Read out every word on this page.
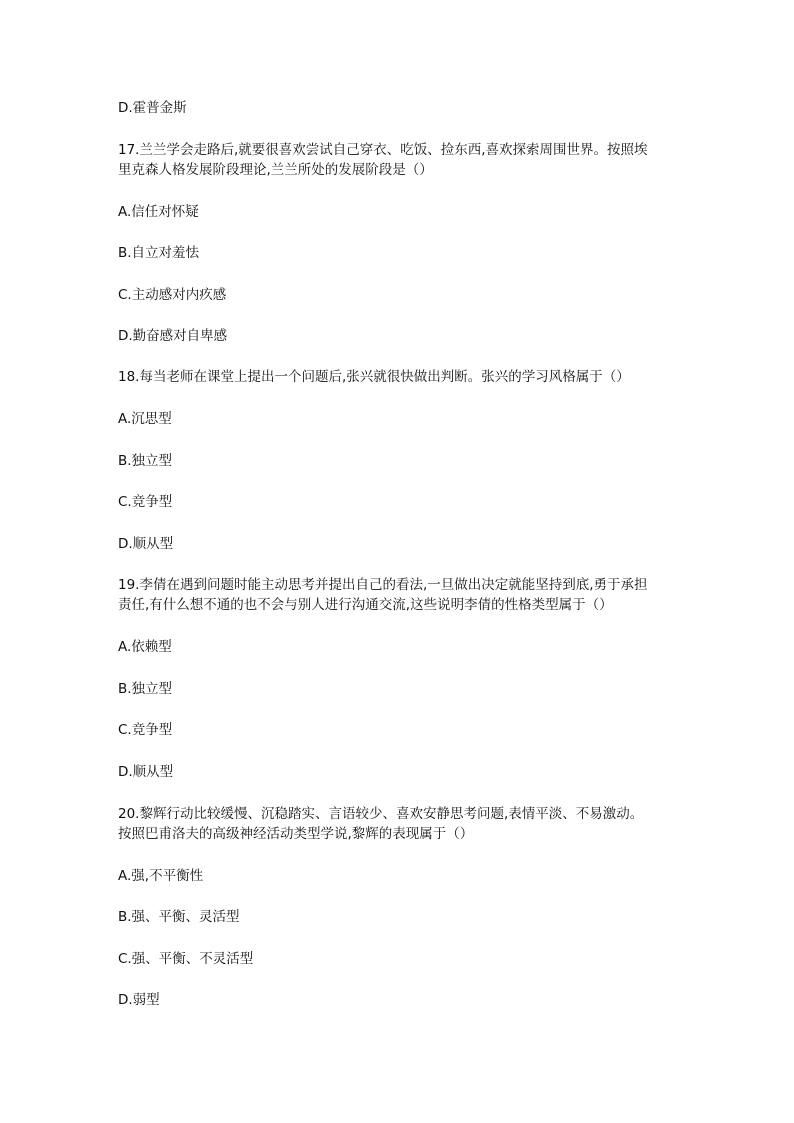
D.霍普金斯

17.兰兰学会走路后,就要很喜欢尝试自己穿衣、吃饭、捡东西,喜欢探索周围世界。按照埃

里克森人格发展阶段理论,兰兰所处的发展阶段是（）

A.信任对怀疑

B.自立对羞怯

C.主动感对内疚感

D.勤奋感对自卑感

18.每当老师在课堂上提出一个问题后,张兴就很快做出判断。张兴的学习风格属于（）

A.沉思型

B.独立型

C.竞争型

D.顺从型

19.李倩在遇到问题时能主动思考并提出自己的看法,一旦做出决定就能坚持到底,勇于承担

责任,有什么想不通的也不会与别人进行沟通交流,这些说明李倩的性格类型属于（）

A.依赖型

B.独立型

C.竞争型

D.顺从型

20.黎辉行动比较缓慢、沉稳踏实、言语较少、喜欢安静思考问题,表情平淡、不易激动。

按照巴甫洛夫的高级神经活动类型学说,黎辉的表现属于（）

A.强,不平衡性

B.强、平衡、灵活型

C.强、平衡、不灵活型

D.弱型
